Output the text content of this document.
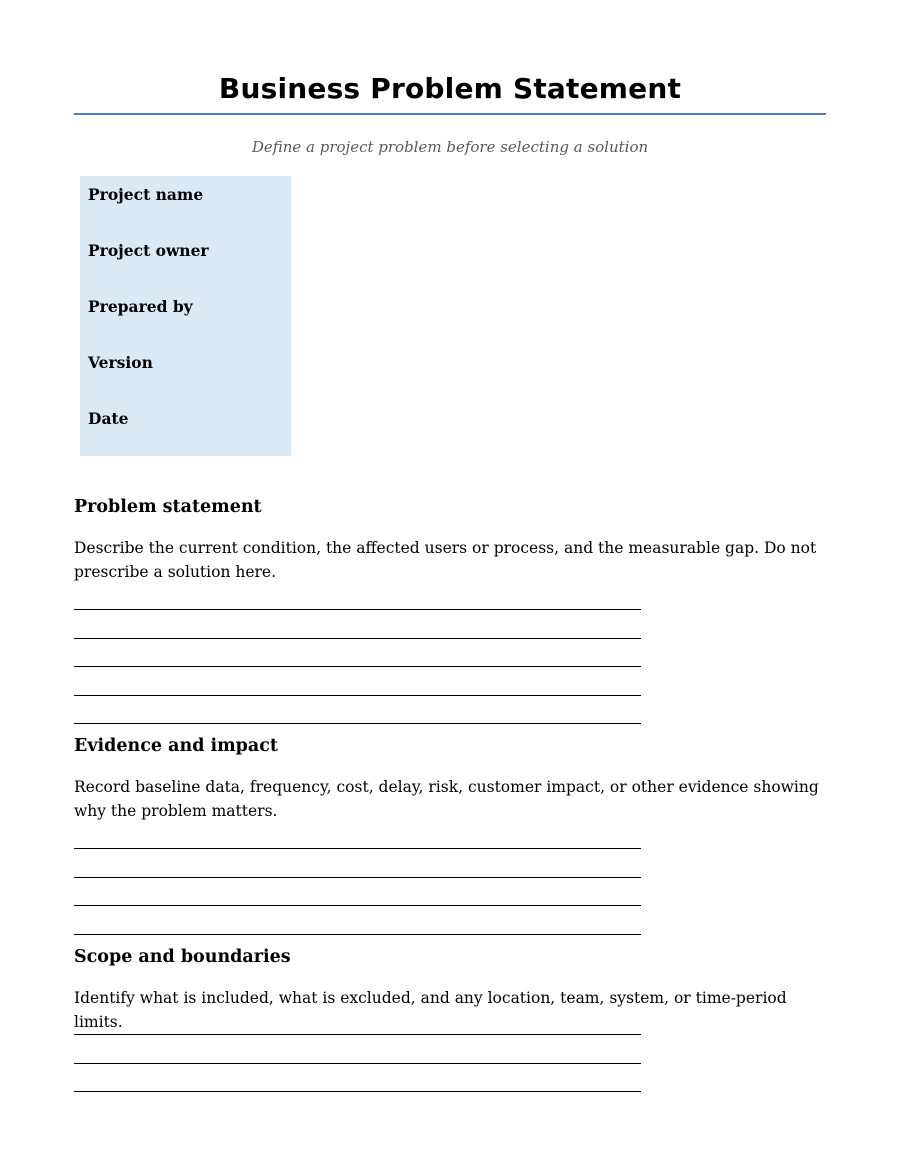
Business Problem Statement
Define a project problem before selecting a solution
Project name
Project owner
Prepared by
Version
Date
Problem statement
Describe the current condition, the affected users or process, and the measurable gap. Do not prescribe a solution here.
Evidence and impact
Record baseline data, frequency, cost, delay, risk, customer impact, or other evidence showing why the problem matters.
Scope and boundaries
Identify what is included, what is excluded, and any location, team, system, or time-period limits.
